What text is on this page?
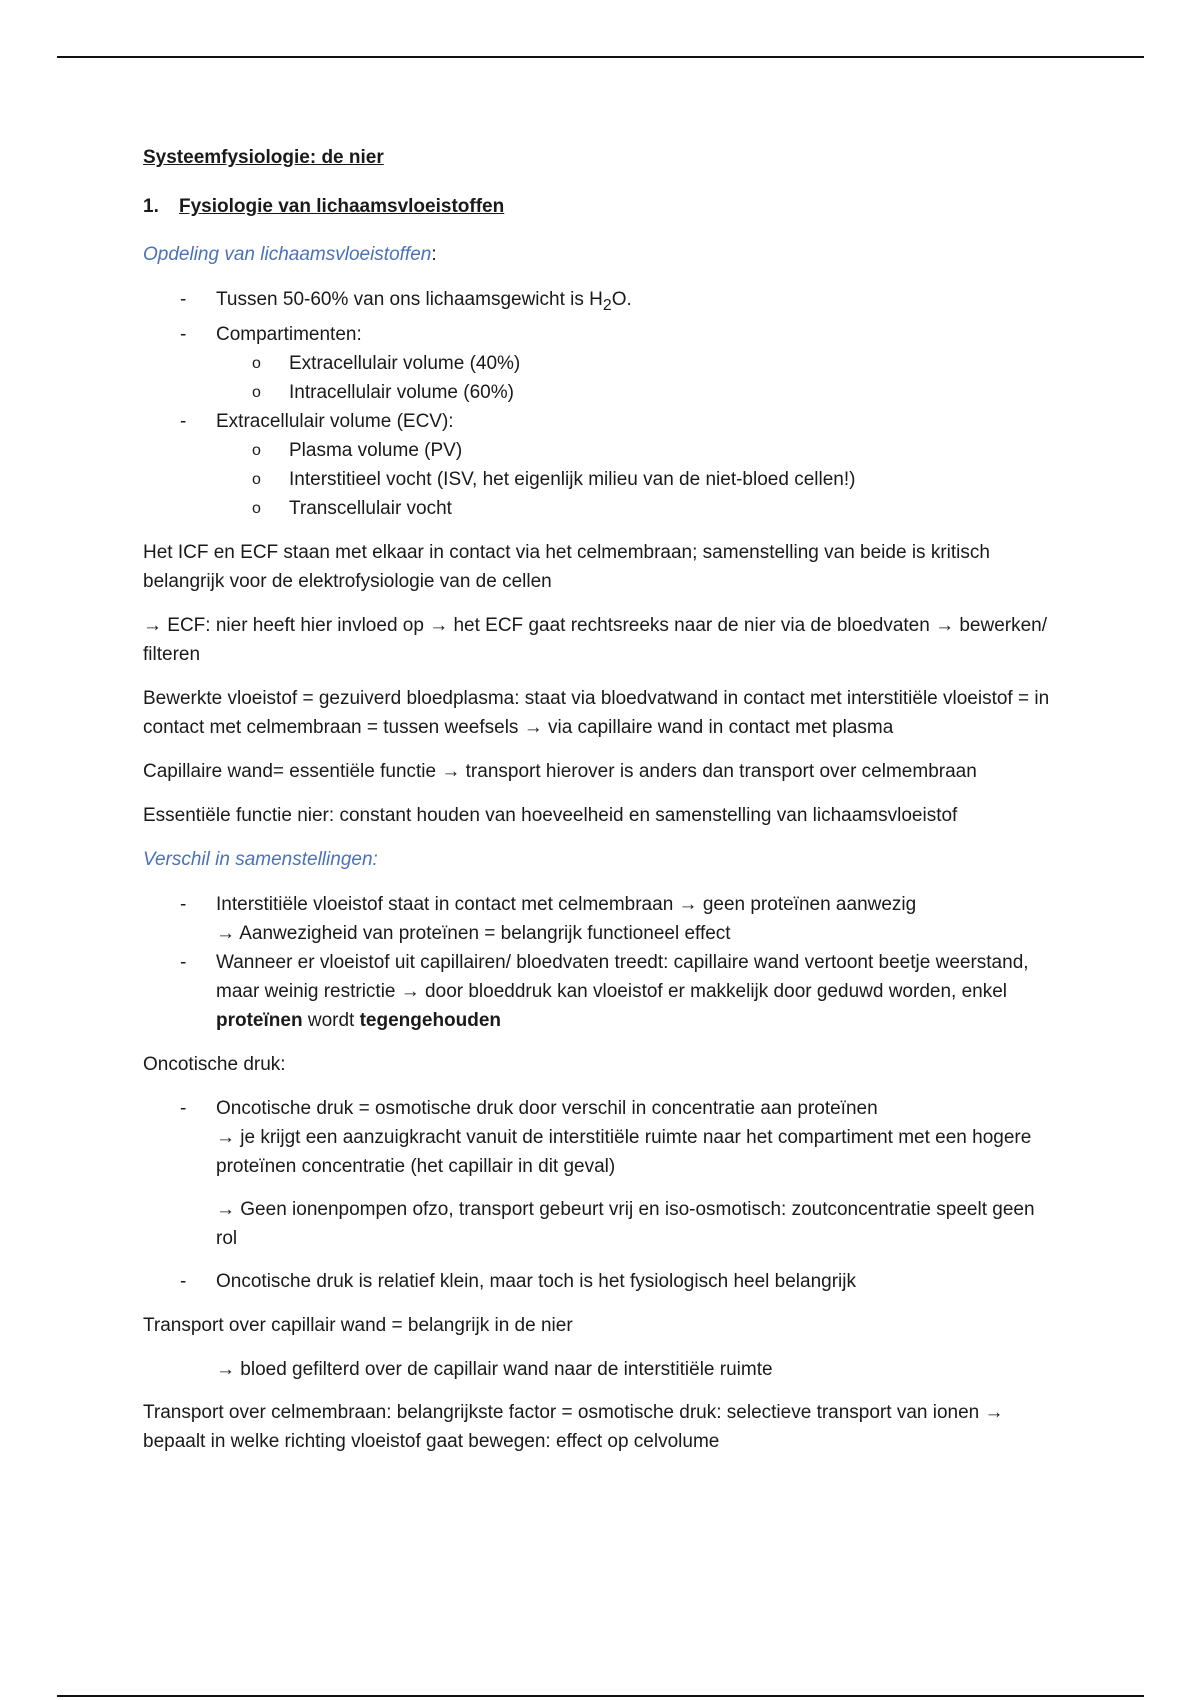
Systeemfysiologie: de nier
1.	Fysiologie van lichaamsvloeistoffen
Opdeling van lichaamsvloeistoffen:
- Tussen 50-60% van ons lichaamsgewicht is $H_2O$.
- Compartimenten:
o Extracellulair volume (40%)
o Intracellulair volume (60%)
- Extracellulair volume (ECV):
o Plasma volume (PV)
o Interstitieel vocht (ISV, het eigenlijk milieu van de niet-bloed cellen!)
o Transcellulair vocht

Het ICF en ECF staan met elkaar in contact via het celmembraan; samenstelling van beide is kritisch belangrijk voor de elektrofysiologie van de cellen

→ ECF: nier heeft hier invloed op → het ECF gaat rechtsreeks naar de nier via de bloedvaten → bewerken/ filteren

Bewerkte vloeistof = gezuiverd bloedplasma: staat via bloedvatwand in contact met interstitiële vloeistof = in contact met celmembraan = tussen weefsels → via capillaire wand in contact met plasma

Capillaire wand= essentiële functie → transport hierover is anders dan transport over celmembraan

Essentiële functie nier: constant houden van hoeveelheid en samenstelling van lichaamsvloeistof

Verschil in samenstellingen:
- Interstitiële vloeistof staat in contact met celmembraan → geen proteïnen aanwezig
→ Aanwezigheid van proteïnen = belangrijk functioneel effect
- Wanneer er vloeistof uit capillairen/ bloedvaten treedt: capillaire wand vertoont beetje weerstand, maar weinig restrictie → door bloeddruk kan vloeistof er makkelijk door geduwd worden, enkel proteïnen wordt tegengehouden

Oncotische druk:

- Oncotische druk = osmotische druk door verschil in concentratie aan proteïnen
→ je krijgt een aanzuigkracht vanuit de interstitiële ruimte naar het compartiment met een hogere proteïnen concentratie (het capillair in dit geval)
→ Geen ionenpompen ofzo, transport gebeurt vrij en iso-osmotisch: zoutconcentratie speelt geen rol
- Oncotische druk is relatief klein, maar toch is het fysiologisch heel belangrijk

Transport over capillair wand = belangrijk in de nier

→ bloed gefilterd over de capillair wand naar de interstitiële ruimte

Transport over celmembraan: belangrijkste factor = osmotische druk: selectieve transport van ionen → bepaalt in welke richting vloeistof gaat bewegen: effect op celvolume
